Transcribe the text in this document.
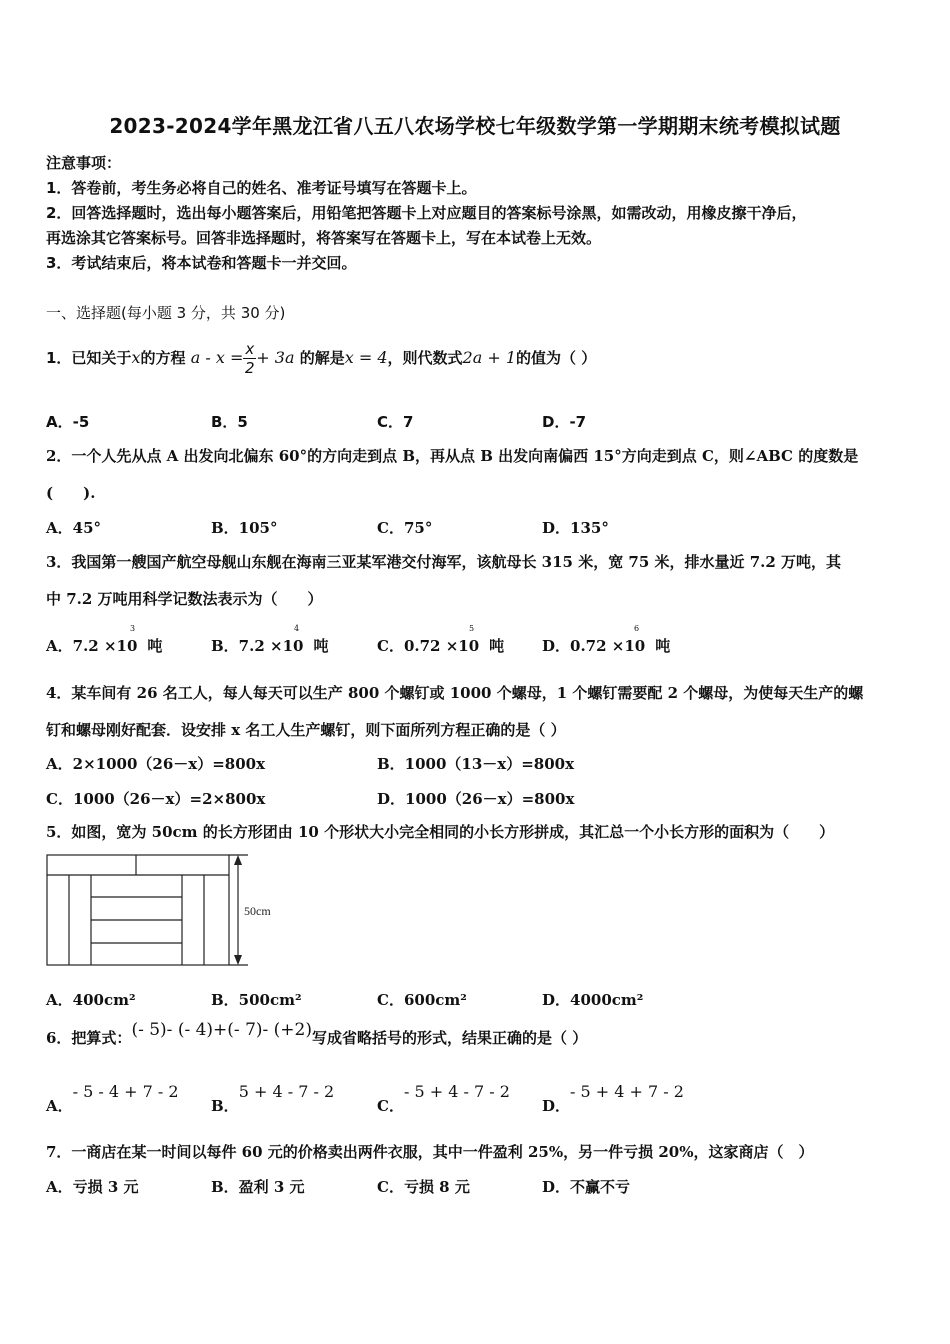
2023-2024学年黑龙江省八五八农场学校七年级数学第一学期期末统考模拟试题
注意事项：
1．答卷前，考生务必将自己的姓名、准考证号填写在答题卡上。
2．回答选择题时，选出每小题答案后，用铅笔把答题卡上对应题目的答案标号涂黑，如需改动，用橡皮擦干净后，
再选涂其它答案标号。回答非选择题时，将答案写在答题卡上，写在本试卷上无效。
3．考试结束后，将本试卷和答题卡一并交回。
一、选择题(每小题 3 分，共 30 分)
1．已知关于x的方程 $a - x = \frac{x}{2} + 3a$ 的解是x = 4，则代数式2a + 1的值为（ ）
A．-5	B．5	C．7	D．-7
2．一个人先从点 A 出发向北偏东 60°的方向走到点 B，再从点 B 出发向南偏西 15°方向走到点 C，则∠ABC 的度数是
(　　).
A．45°	B．105°	C．75°	D．135°
3．我国第一艘国产航空母舰山东舰在海南三亚某军港交付海军，该航母长 315 米，宽 75 米，排水量近 7.2 万吨，其
中 7.2 万吨用科学记数法表示为（　　）
A．7.2 ×10
3
吨	B．7.2 ×10
4
吨	C．0.72 ×10
5
吨	D．0.72 ×10
6
吨
4．某车间有 26 名工人，每人每天可以生产 800 个螺钉或 1000 个螺母，1 个螺钉需要配 2 个螺母，为使每天生产的螺
钉和螺母刚好配套．设安排 x 名工人生产螺钉，则下面所列方程正确的是（ ）
A．2×1000（26－x）=800x	B．1000（13－x）=800x
C．1000（26－x）=2×800x	D．1000（26－x）=800x
5．如图，宽为 50cm 的长方形团由 10 个形状大小完全相同的小长方形拼成，其汇总一个小长方形的面积为（　　）
50cm
A．400cm²	B．500cm²	C．600cm²	D．4000cm²
6．把算式：(- 5)- (- 4)+(- 7)- (+2)写成省略括号的形式，结果正确的是（ ）
A．- 5 - 4 + 7 - 2
B．5 + 4 - 7 - 2
C．- 5 + 4 - 7 - 2
D．- 5 + 4 + 7 - 2
7．一商店在某一时间以每件 60 元的价格卖出两件衣服，其中一件盈利 25%，另一件亏损 20%，这家商店（　）
A．亏损 3 元	B．盈利 3 元	C．亏损 8 元	D．不赢不亏
